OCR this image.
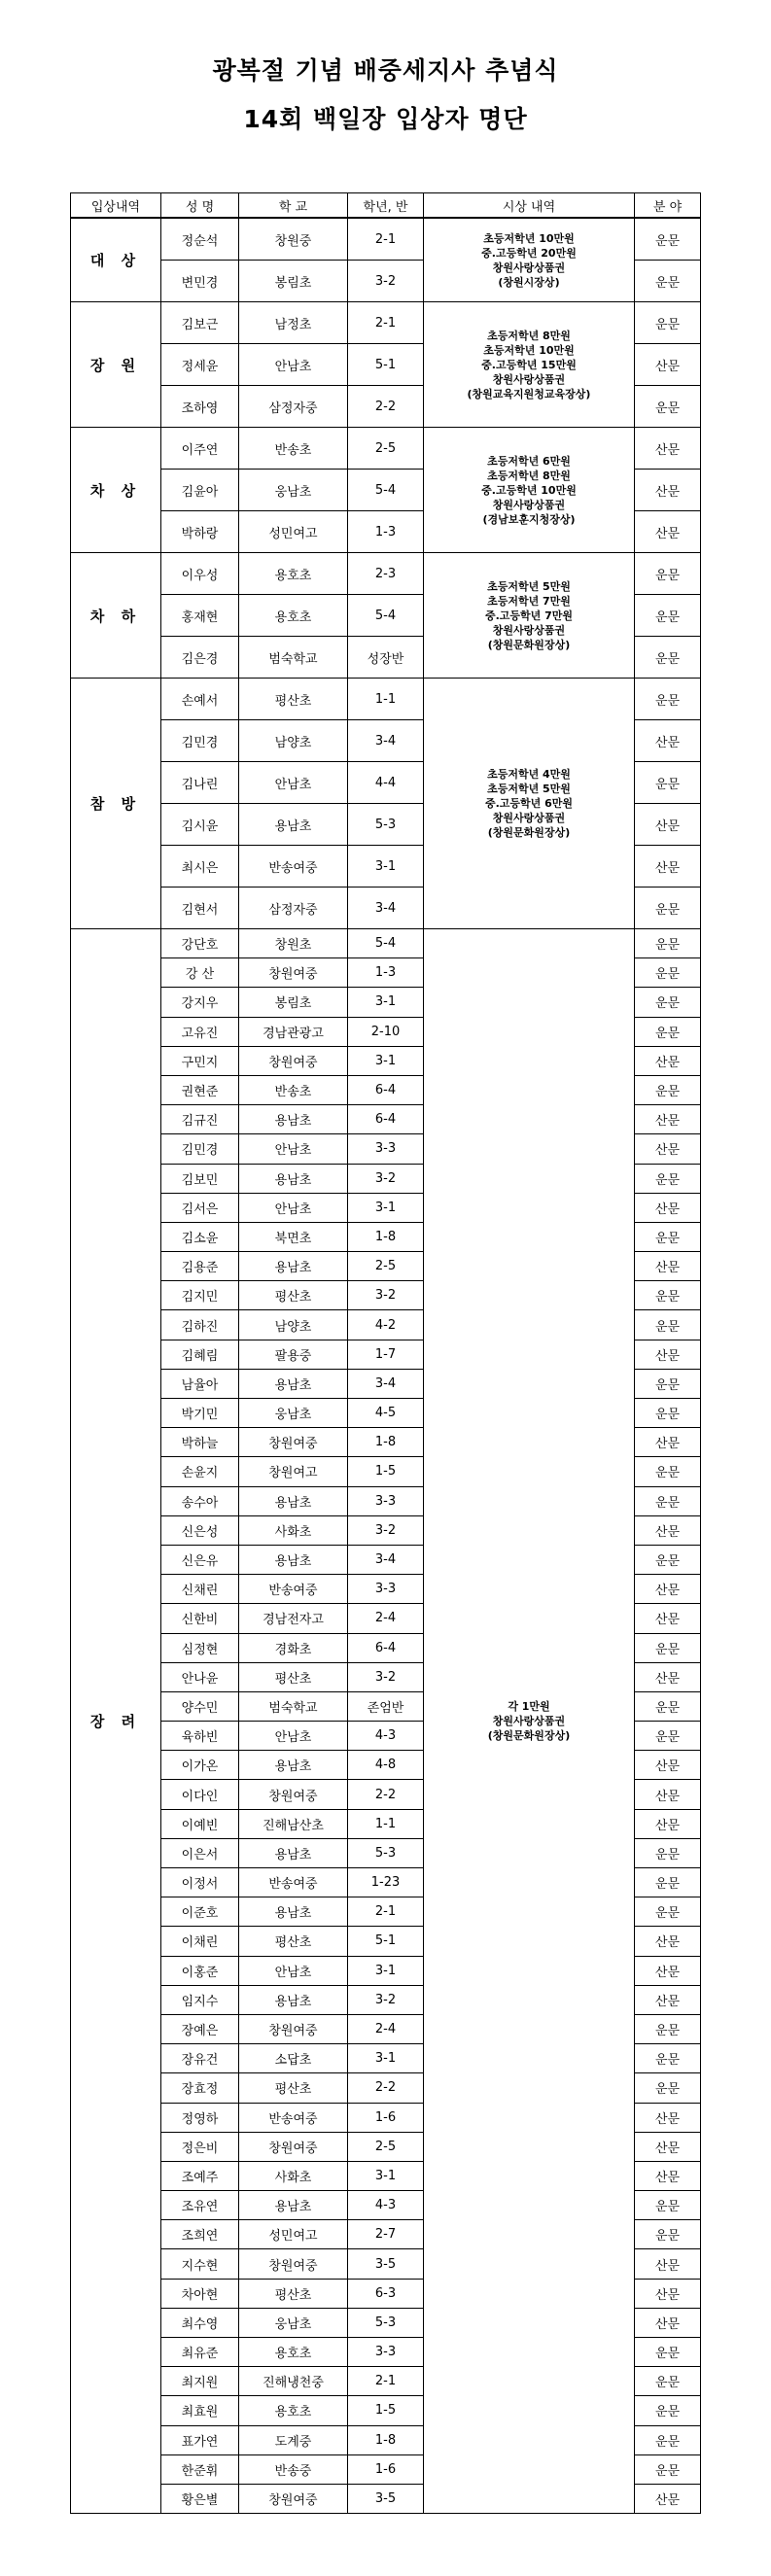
광복절 기념 배중세지사 추념식
14회 백일장 입상자 명단
입상내역	성 명	학 교	학년, 반	시상 내역	분 야
대 상	정순석	창원중	2-1	초등저학년 10만원
중.고등학년 20만원
창원사랑상품권
(창원시장상)	운문
	변민경	봉림초	3-2		운문
장 원	김보근	남정초	2-1	초등저학년 8만원
초등저학년 10만원
중.고등학년 15만원
창원사랑상품권
(창원교육지원청교육장상)	운문
	정세윤	안남초	5-1		산문
	조하영	삼정자중	2-2		운문
차 상	이주연	반송초	2-5	초등저학년 6만원
초등저학년 8만원
중.고등학년 10만원
창원사랑상품권
(경남보훈지청장상)	산문
	김윤아	웅남초	5-4		산문
	박하랑	성민여고	1-3		산문
차 하	이우성	용호초	2-3	초등저학년 5만원
초등저학년 7만원
중.고등학년 7만원
창원사랑상품권
(창원문화원장상)	운문
	홍재현	용호초	5-4		운문
	김은경	범숙학교	성장반		운문
참 방	손예서	평산초	1-1	초등저학년 4만원
초등저학년 5만원
중.고등학년 6만원
창원사랑상품권
(창원문화원장상)	운문
	김민경	남양초	3-4		산문
	김나린	안남초	4-4		운문
	김시윤	용남초	5-3		산문
	최시은	반송여중	3-1		산문
	김현서	삼정자중	3-4		운문
장 려	강단호	창원초	5-4	각 1만원
창원사랑상품권
(창원문화원장상)	운문
	강 산	창원여중	1-3		운문
	강지우	봉림초	3-1		운문
	고유진	경남관광고	2-10		운문
	구민지	창원여중	3-1		산문
	권현준	반송초	6-4		운문
	김규진	용남초	6-4		산문
	김민경	안남초	3-3		산문
	김보민	용남초	3-2		운문
	김서은	안남초	3-1		산문
	김소윤	북면초	1-8		운문
	김용준	용남초	2-5		산문
	김지민	평산초	3-2		운문
	김하진	남양초	4-2		운문
	김혜림	팔용중	1-7		산문
	남율아	용남초	3-4		운문
	박기민	웅남초	4-5		운문
	박하늘	창원여중	1-8		산문
	손윤지	창원여고	1-5		운문
	송수아	용남초	3-3		운문
	신은성	사화초	3-2		산문
	신은유	용남초	3-4		운문
	신채린	반송여중	3-3		산문
	신한비	경남전자고	2-4		산문
	심정현	경화초	6-4		운문
	안나윤	평산초	3-2		산문
	양수민	범숙학교	존엄반		운문
	육하빈	안남초	4-3		운문
	이가온	용남초	4-8		산문
	이다인	창원여중	2-2		산문
	이예빈	진해남산초	1-1		산문
	이은서	용남초	5-3		운문
	이정서	반송여중	1-23		운문
	이준호	용남초	2-1		운문
	이채린	평산초	5-1		산문
	이홍준	안남초	3-1		산문
	임지수	용남초	3-2		산문
	장예은	창원여중	2-4		운문
	장유건	소답초	3-1		운문
	장효정	평산초	2-2		운문
	정영하	반송여중	1-6		산문
	정은비	창원여중	2-5		산문
	조예주	사화초	3-1		산문
	조유연	용남초	4-3		운문
	조희연	성민여고	2-7		운문
	지수현	창원여중	3-5		산문
	차아현	평산초	6-3		산문
	최수영	웅남초	5-3		산문
	최유준	용호초	3-3		운문
	최지원	진해냉천중	2-1		운문
	최효원	용호초	1-5		운문
	표가연	도계중	1-8		운문
	한준휘	반송중	1-6		운문
	황은별	창원여중	3-5		산문
